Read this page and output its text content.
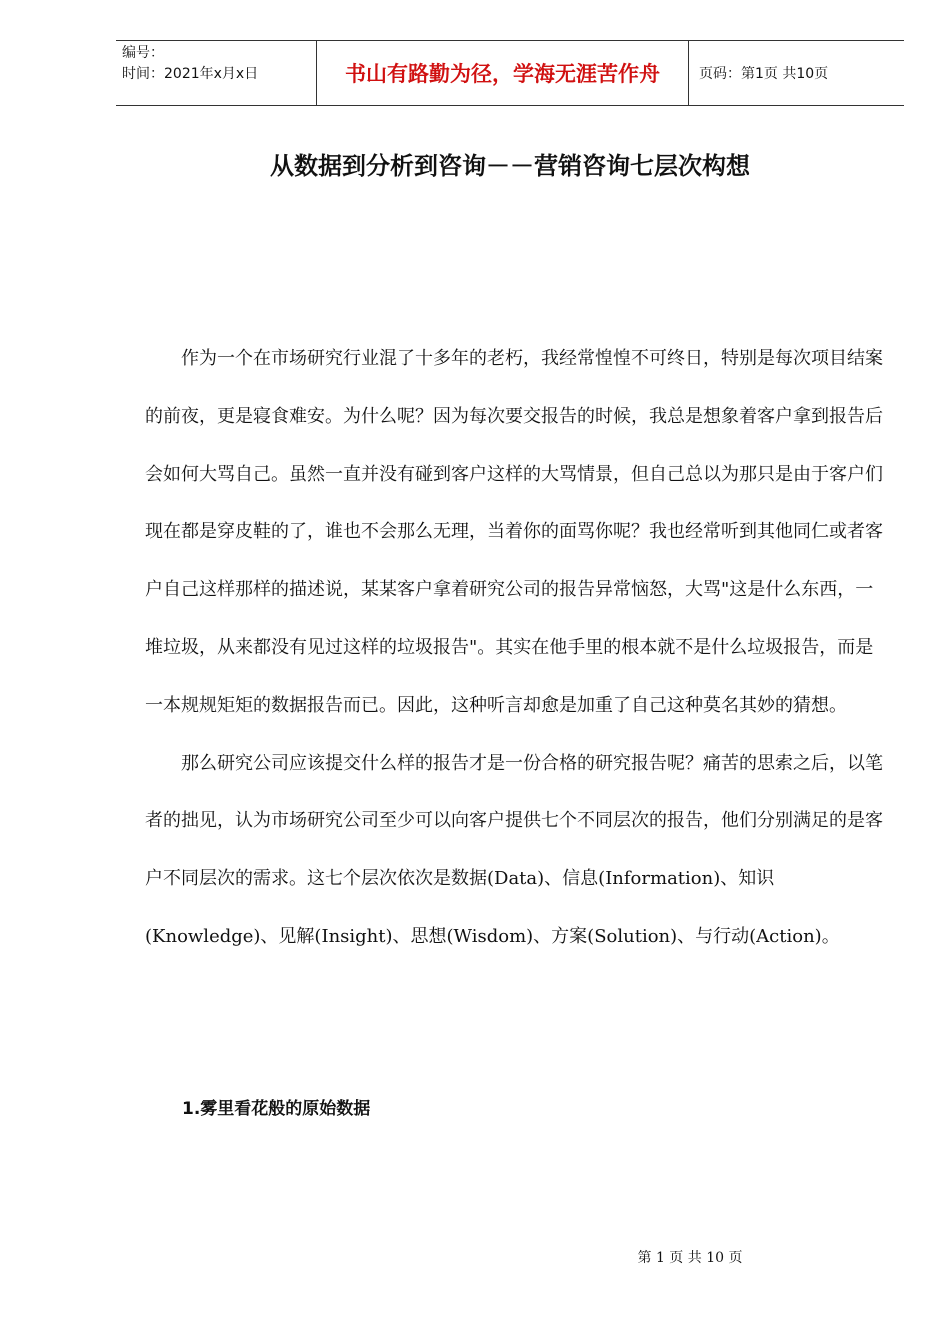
编号：
时间：2021年x月x日	书山有路勤为径，学海无涯苦作舟	页码：第1页 共10页
从数据到分析到咨询－－营销咨询七层次构想

作为一个在市场研究行业混了十多年的老朽，我经常惶惶不可终日，特别是每次项目结案的前夜，更是寝食难安。为什么呢？因为每次要交报告的时候，我总是想象着客户拿到报告后会如何大骂自己。虽然一直并没有碰到客户这样的大骂情景，但自己总以为那只是由于客户们现在都是穿皮鞋的了，谁也不会那么无理，当着你的面骂你呢？我也经常听到其他同仁或者客户自己这样那样的描述说，某某客户拿着研究公司的报告异常恼怒，大骂"这是什么东西，一堆垃圾，从来都没有见过这样的垃圾报告"。其实在他手里的根本就不是什么垃圾报告，而是一本规规矩矩的数据报告而已。因此，这种听言却愈是加重了自己这种莫名其妙的猜想。

那么研究公司应该提交什么样的报告才是一份合格的研究报告呢？痛苦的思索之后，以笔者的拙见，认为市场研究公司至少可以向客户提供七个不同层次的报告，他们分别满足的是客户不同层次的需求。这七个层次依次是数据(Data)、信息(Information)、知识(Knowledge)、见解(Insight)、思想(Wisdom)、方案(Solution)、与行动(Action)。

1.雾里看花般的原始数据
第 1 页 共 10 页
